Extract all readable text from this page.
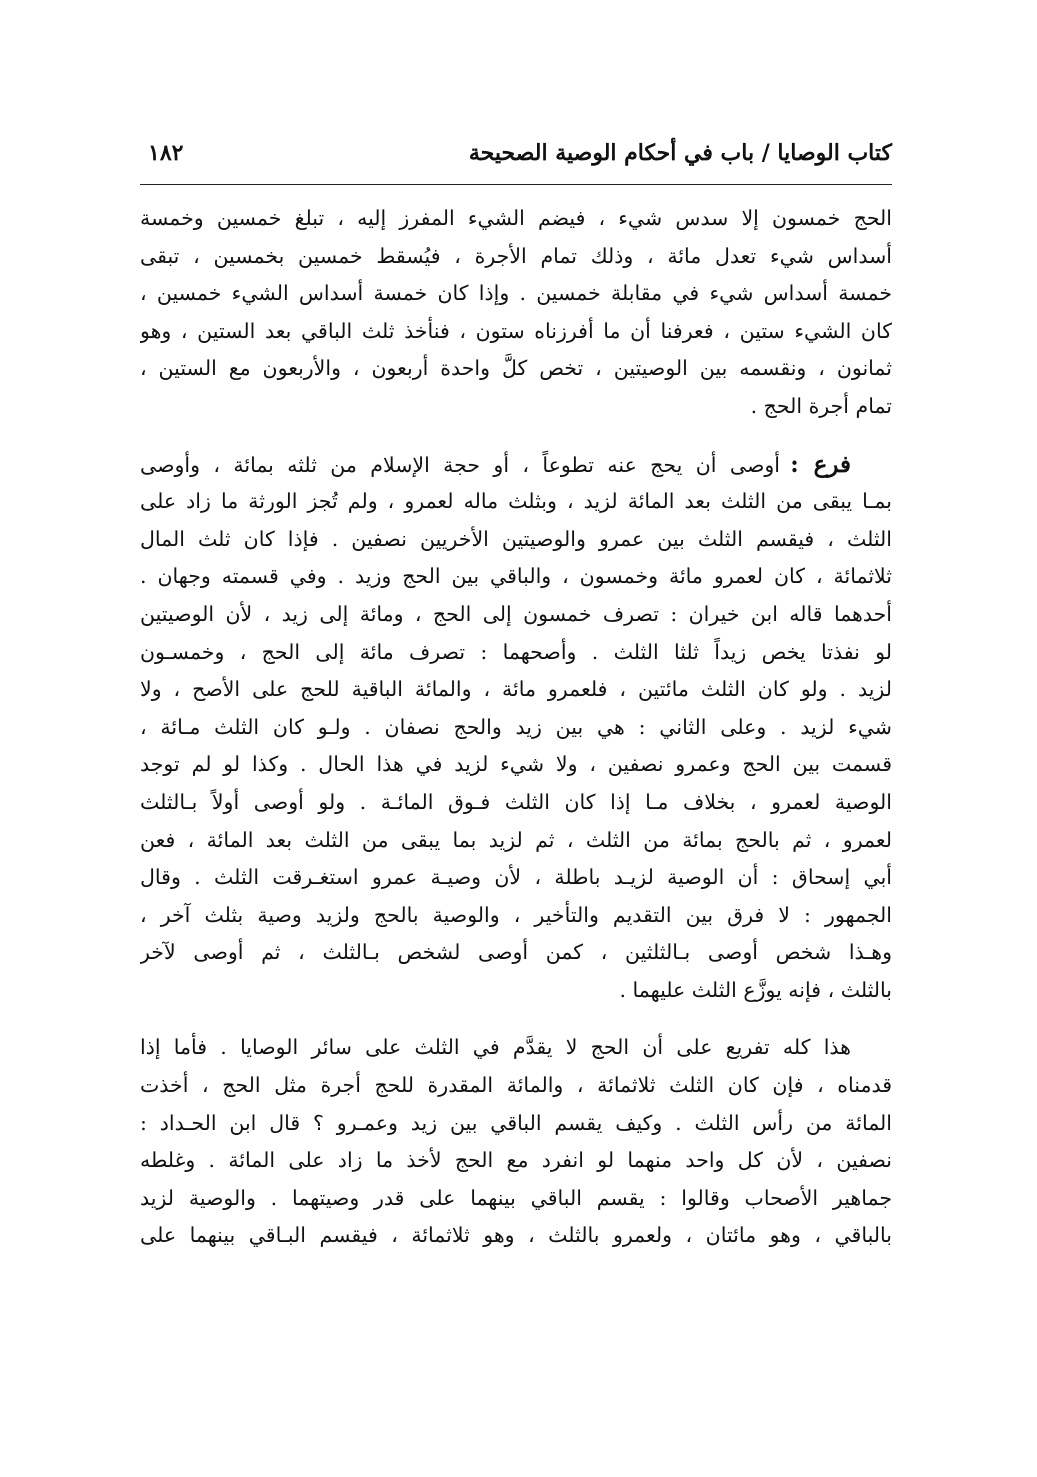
كتاب الوصايا / باب في أحكام الوصية الصحيحة
١٨٢
الحج خمسون إلا سدس شيء ، فيضم الشيء المفرز إليه ، تبلغ خمسين وخمسة
أسداس شيء تعدل مائة ، وذلك تمام الأجرة ، فيُسقط خمسين بخمسين ، تبقى
خمسة أسداس شيء في مقابلة خمسين . وإذا كان خمسة أسداس الشيء خمسين ،
كان الشيء ستين ، فعرفنا أن ما أفرزناه ستون ، فنأخذ ثلث الباقي بعد الستين ، وهو
ثمانون ، ونقسمه بين الوصيتين ، تخص كلَّ واحدة أربعون ، والأربعون مع الستين ،
تمام أجرة الحج .
  فرع : أوصى أن يحج عنه تطوعاً ، أو حجة الإسلام من ثلثه بمائة ، وأوصى
بمـا يبقى من الثلث بعد المائة لزيد ، وبثلث ماله لعمرو ، ولم تُجز الورثة ما زاد على
الثلث ، فيقسم الثلث بين عمرو والوصيتين الأخريين نصفين . فإذا كان ثلث المال
ثلاثمائة ، كان لعمرو مائة وخمسون ، والباقي بين الحج وزيد . وفي قسمته وجهان .
أحدهما قاله ابن خيران : تصرف خمسون إلى الحج ، ومائة إلى زيد ، لأن الوصيتين
لو نفذتا يخص زيداً ثلثا الثلث . وأصحهما : تصرف مائة إلى الحج ، وخمسـون
لزيد . ولو كان الثلث مائتين ، فلعمرو مائة ، والمائة الباقية للحج على الأصح ، ولا
شيء لزيد . وعلى الثاني : هي بين زيد والحج نصفان . ولـو كان الثلث مـائة ،
قسمت بين الحج وعمرو نصفين ، ولا شيء لزيد في هذا الحال . وكذا لو لم توجد
الوصية لعمرو ، بخلاف مـا إذا كان الثلث فـوق المائـة . ولو أوصى أولاً بـالثلث
لعمرو ، ثم بالحج بمائة من الثلث ، ثم لزيد بما يبقى من الثلث بعد المائة ، فعن
أبي إسحاق : أن الوصية لزيـد باطلة ، لأن وصيـة عمرو استغـرقت الثلث . وقال
الجمهور : لا فرق بين التقديم والتأخير ، والوصية بالحج ولزيد وصية بثلث آخر ،
وهـذا شخص أوصى بـالثلثين ، كمن أوصى لشخص بـالثلث ، ثم أوصى لآخر
بالثلث ، فإنه يوزَّع الثلث عليهما .
  هذا كله تفريع على أن الحج لا يقدَّم في الثلث على سائر الوصايا . فأما إذا
قدمناه ، فإن كان الثلث ثلاثمائة ، والمائة المقدرة للحج أجرة مثل الحج ، أخذت
المائة من رأس الثلث . وكيف يقسم الباقي بين زيد وعمـرو ؟ قال ابن الحـداد :
نصفين ، لأن كل واحد منهما لو انفرد مع الحج لأخذ ما زاد على المائة . وغلطه
جماهير الأصحاب وقالوا : يقسم الباقي بينهما على قدر وصيتهما . والوصية لزيد
بالباقي ، وهو مائتان ، ولعمرو بالثلث ، وهو ثلاثمائة ، فيقسم البـاقي بينهما على
